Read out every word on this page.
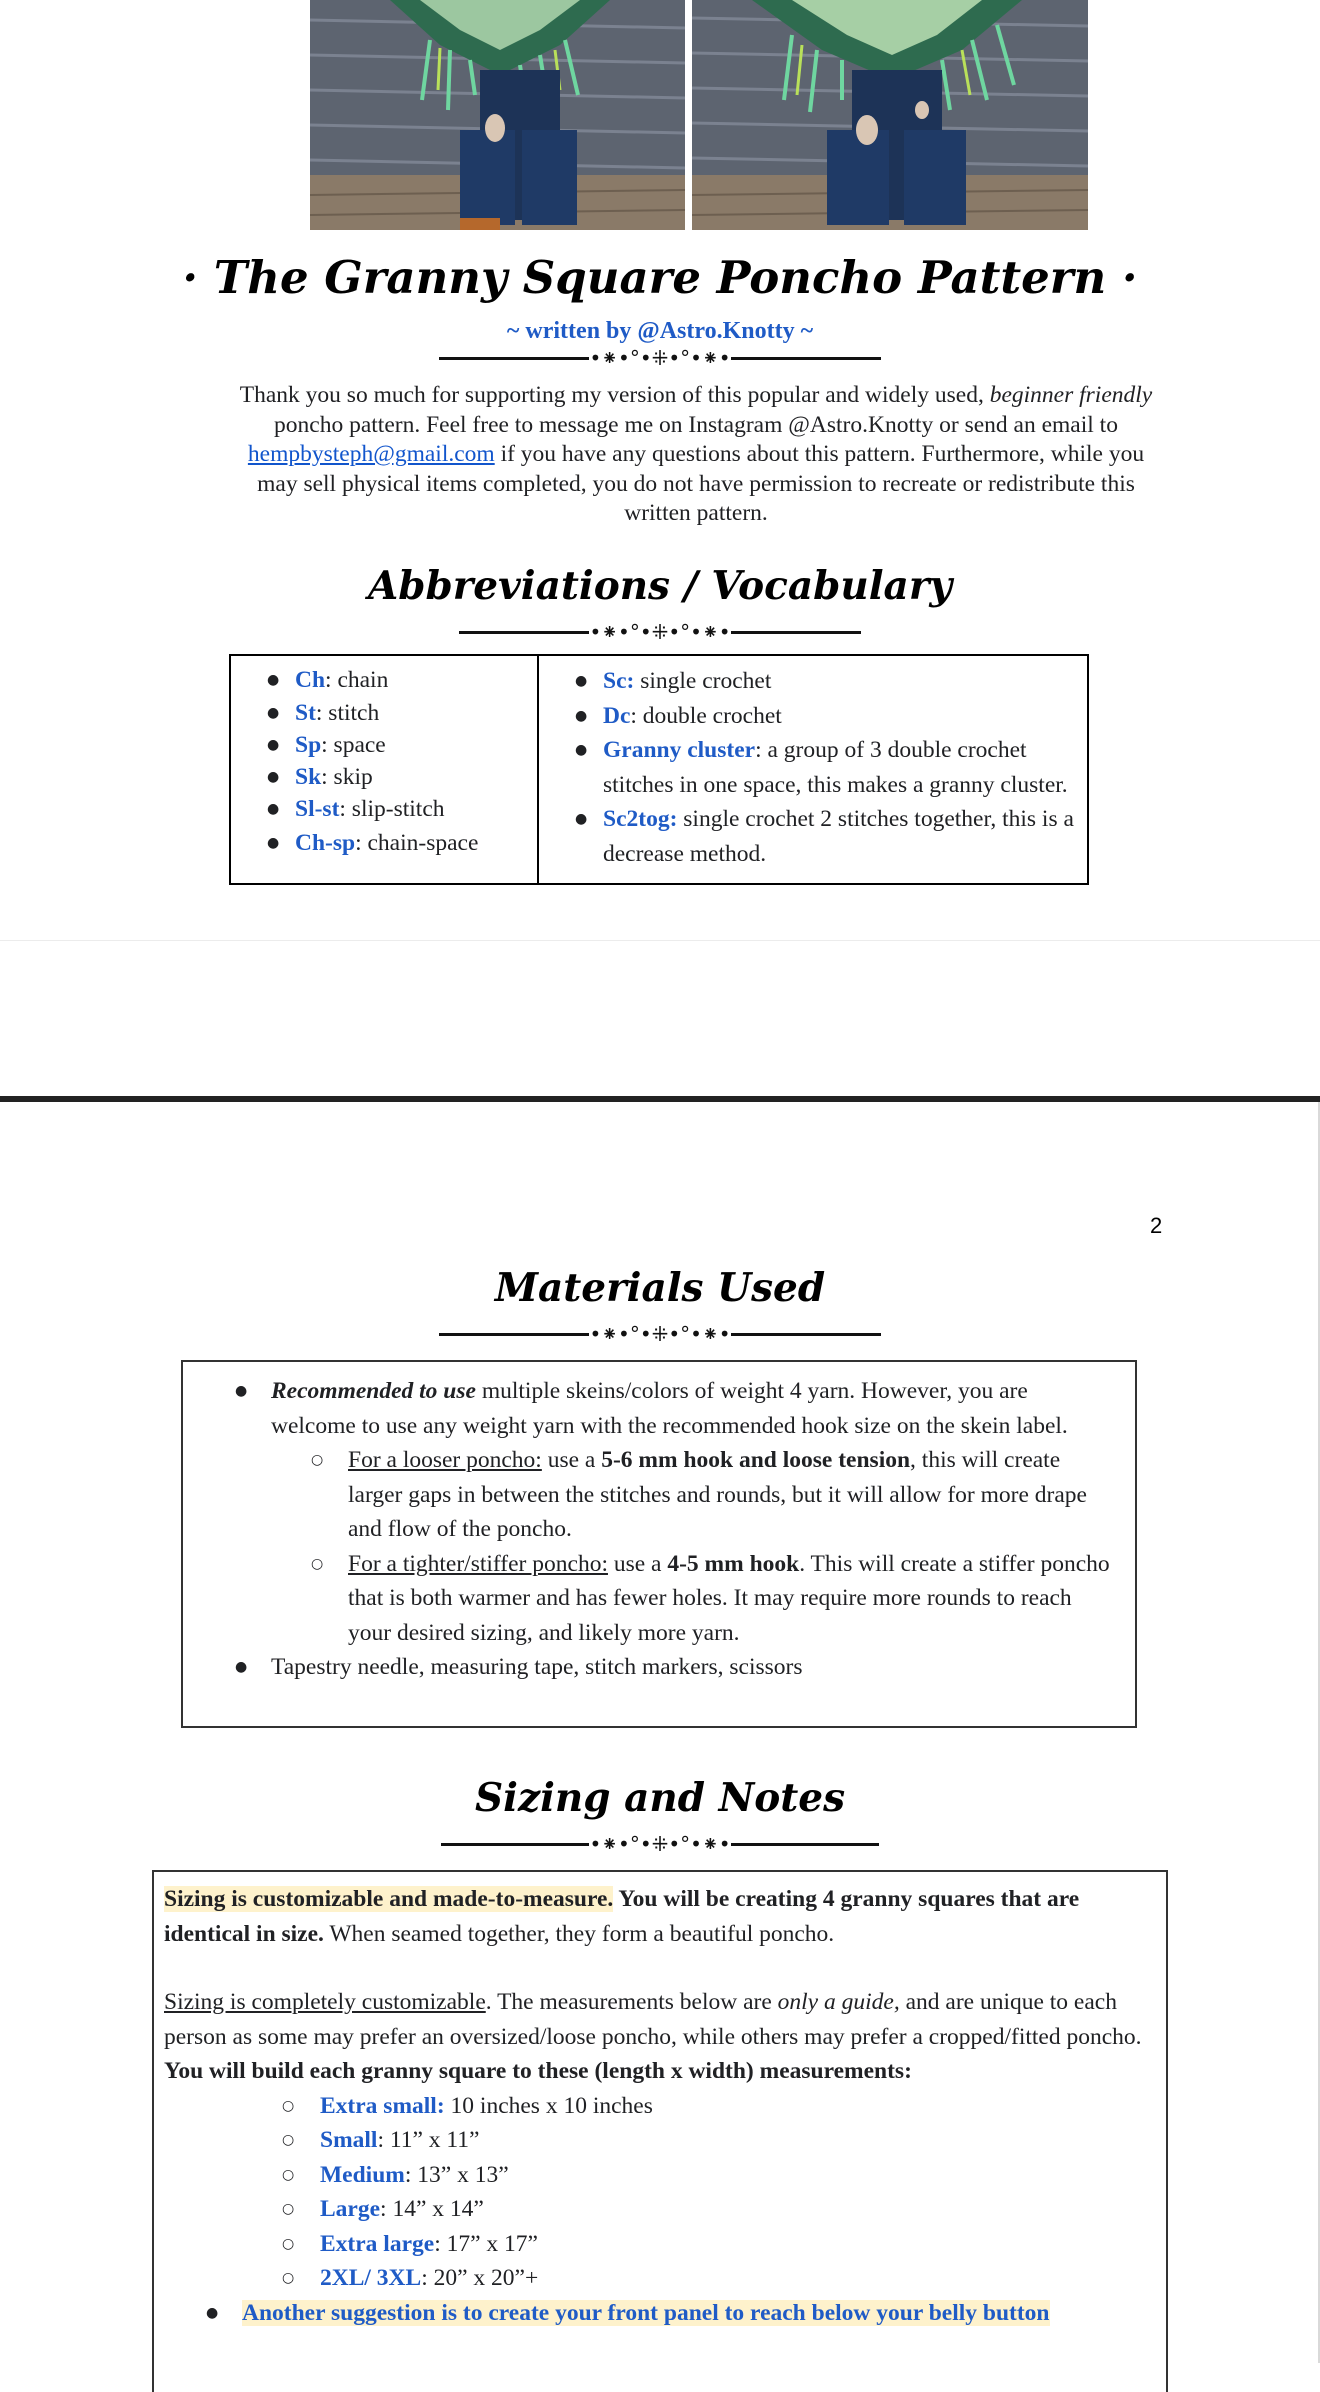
· The Granny Square Poncho Pattern ·
~ written by @Astro.Knotty ~
•⁕•°•⁜•°•⁕•
Thank you so much for supporting my version of this popular and widely used, beginner friendly poncho pattern. Feel free to message me on Instagram @Astro.Knotty or send an email to hempbysteph@gmail.com if you have any questions about this pattern. Furthermore, while you may sell physical items completed, you do not have permission to recreate or redistribute this written pattern.
Abbreviations / Vocabulary
•⁕•°•⁜•°•⁕•
● Ch: chain
● St: stitch
● Sp: space
● Sk: skip
● Sl-st: slip-stitch
● Ch-sp: chain-space

● Sc: single crochet
● Dc: double crochet
● Granny cluster: a group of 3 double crochet stitches in one space, this makes a granny cluster.
● Sc2tog: single crochet 2 stitches together, this is a decrease method.
2
Materials Used
•⁕•°•⁜•°•⁕•
● Recommended to use multiple skeins/colors of weight 4 yarn. However, you are welcome to use any weight yarn with the recommended hook size on the skein label.
○ For a looser poncho: use a 5-6 mm hook and loose tension, this will create larger gaps in between the stitches and rounds, but it will allow for more drape and flow of the poncho.
○ For a tighter/stiffer poncho: use a 4-5 mm hook. This will create a stiffer poncho that is both warmer and has fewer holes. It may require more rounds to reach your desired sizing, and likely more yarn.
● Tapestry needle, measuring tape, stitch markers, scissors
Sizing and Notes
•⁕•°•⁜•°•⁕•

Sizing is customizable and made-to-measure. You will be creating 4 granny squares that are identical in size. When seamed together, they form a beautiful poncho.

Sizing is completely customizable. The measurements below are only a guide, and are unique to each person as some may prefer an oversized/loose poncho, while others may prefer a cropped/fitted poncho. You will build each granny square to these (length x width) measurements:

○ Extra small: 10 inches x 10 inches
○ Small: 11” x 11”
○ Medium: 13” x 13”
○ Large: 14” x 14”
○ Extra large: 17” x 17”
○ 2XL/ 3XL: 20” x 20”+
● Another suggestion is to create your front panel to reach below your belly button
